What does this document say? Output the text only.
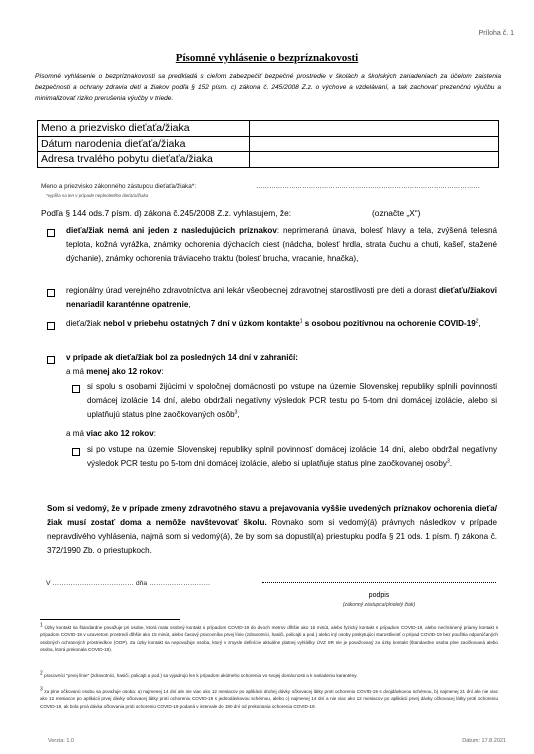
Príloha č. 1
Písomné vyhlásenie o bezpríznakovosti
Písomné vyhlásenie o bezpríznakovosti sa predkladá s cieľom zabezpečiť bezpečné prostredie v školách a školských zariadeniach za účelom zaistenia bezpečnosti a ochrany zdravia detí a žiakov podľa § 152 písm. c) zákona č. 245/2008 Z.z. o výchove a vzdelávaní, a tak zachovať prezenčnú výučbu a minimalizovať riziko prerušenia výučby v triede.
Meno a priezvisko dieťaťa/žiaka	
Dátum narodenia dieťaťa/žiaka	
Adresa trvalého pobytu dieťaťa/žiaka	
Meno a priezvisko zákonného zástupcu dieťaťa/žiaka*:	…………………………………………………………………………………………
*vypĺňa sa len v prípade neplnoletého dieťaťa/žiaka
Podľa § 144 ods.7 písm. d) zákona č.245/2008 Z.z. vyhlasujem, že:	(označte „X“)
dieťa/žiak nemá ani jeden z nasledujúcich príznakov: neprimeraná únava, bolesť hlavy a tela, zvýšená telesná teplota, kožná vyrážka, známky ochorenia dýchacích ciest (nádcha, bolesť hrdla, strata čuchu a chuti, kašeľ, stažené dýchanie), známky ochorenia tráviaceho traktu (bolesť brucha, vracanie, hnačka),
regionálny úrad verejného zdravotníctva ani lekár všeobecnej zdravotnej starostlivosti pre deti a dorast dieťaťu/žiakovi nenariadil karanténne opatrenie,
dieťa/žiak nebol v priebehu ostatných 7 dní v úzkom kontakte$^1$ s osobou pozitívnou na ochorenie COVID-$19^2$,
v prípade ak dieťa/žiak bol za posledných 14 dní v zahraničí:
a má menej ako 12 rokov:
si spolu s osobami žijúcimi v spoločnej domácnosti po vstupe na územie Slovenskej republiky splnili povinnosti domácej izolácie 14 dní, alebo obdržali negatívny výsledok PCR testu po 5-tom dni domácej izolácie, alebo si uplatňujú status plne zaočkovaných osôb$^3$,
a má viac ako 12 rokov:
si po vstupe na územie Slovenskej republiky splnil povinnosť domácej izolácie 14 dní, alebo obdržal negatívny výsledok PCR testu po 5-tom dni domácej izolácie, alebo si uplatňuje status plne zaočkovanej osoby$^3$.
Som si vedomý, že v prípade zmeny zdravotného stavu a prejavovania vyššie uvedených príznakov ochorenia dieťa/žiak musí zostať doma a nemôže navštevovať školu. Rovnako som si vedomý(á) právnych následkov v prípade nepravdivého vyhlásenia, najmä som si vedomý(á), že by som sa dopustil(a) priestupku podľa § 21 ods. 1 písm. f) zákona č. 372/1990 Zb. o priestupkoch.
V ……………………………… dňa ………………………
podpis
(zákonný zástupca/plnoletý žiak)
$^1$ Úzky kontakt sa štandardne považuje pri osobe, ktorá mala osobný kontakt s prípadom COVID-19 do dvoch metrov dlhšie ako 15 minút, alebo fyzický kontakt s prípadom COVID-19, alebo nechránený priamy kontakt s prípadom COVID-19 v uzavretom prostredí dlhšie ako 15 minút, alebo časový pracovníka prvej línie (zdravotníci, hasiči, policajti a pod.) alebo iný osoby poskytujúci starostlivosť o prípad COVID-19 bez použitia odporúčaných osobných ochranných prostriedkov (OOP). Za úzky kontakt sa nepovažuje osoba, ktorý v zmysle definície aktuálne platnej vyhlášky ÚVZ SR nie je považovaný za úzky kontakt (štandardne osoba plne zaočkovaná alebo osoba, ktorá prekonala COVID-19).
$^2$ pracovníci "prvej línie" (zdravotníci, hasiči, policajti a pod.) sa vyjadrujú len k prípadom akútneho ochorenia vo svojej domácnosti a k nariadeniu karantény.
$^3$ za plne očkovanú osobu sa považuje osoba: a) najmenej 14 dní ale nie viac ako 12 mesiacov po aplikácii druhej dávky očkovacej látky proti ochoreniu COVID-19 s dvojdávkovou schémou, b) najmenej 21 dní ale nie viac ako 12 mesiacov po aplikácii prvej dávky očkovacej látky proti ochoreniu COVID-19 s jednodávkovou schémou, alebo c) najmenej 14 dní a nie viac ako 12 mesiacov po aplikácii prvej dávky očkovacej látky proti ochoreniu COVID-19, ak bola prvá dávka očkovania proti ochoreniu COVID-19 podaná v intervale do 180 dní od prekonania ochorenia COVID-19.
Verzia: 1.0	Dátum: 17.8.2021
